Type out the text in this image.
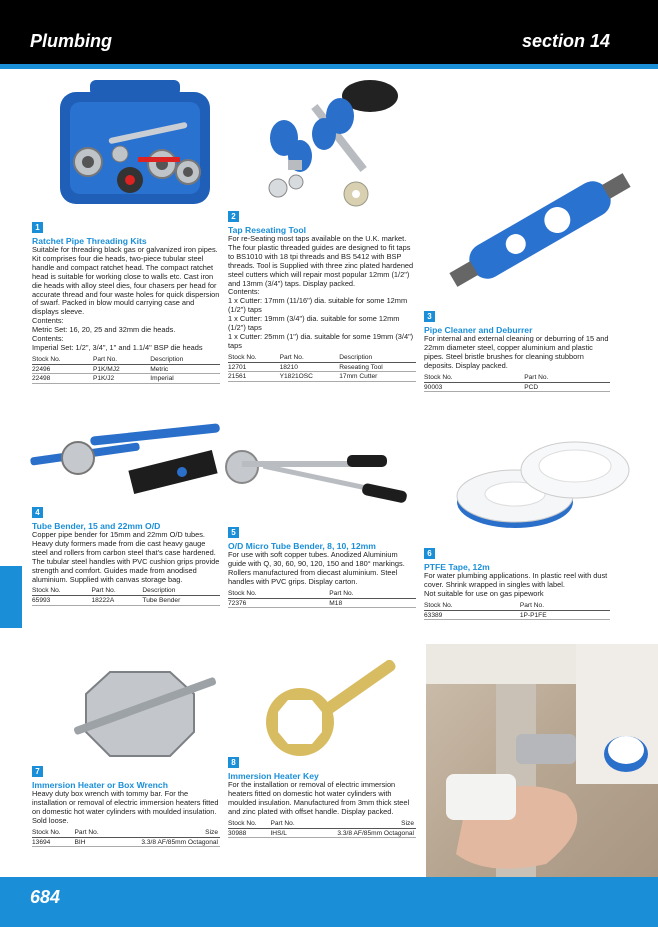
Plumbing	section 14
1
Ratchet Pipe Threading Kits
Suitable for threading black gas or galvanized iron pipes. Kit comprises four die heads, two-piece tubular steel handle and compact ratchet head. The compact ratchet head is suitable for working close to walls etc. Cast iron die heads with alloy steel dies, four chasers per head for accurate thread and four waste holes for quick dispersion of swarf. Packed in blow mould carrying case and displays sleeve.
Contents:
Metric Set: 16, 20, 25 and 32mm die heads.
Contents:
Imperial Set: 1/2", 3/4", 1" and 1.1/4" BSP die heads
Stock No.	Part No.	Description
22496	P1K/MJ2	Metric
22498	P1K/J2	Imperial
2
Tap Reseating Tool
For re-Seating most taps available on the U.K. market. The four plastic threaded guides are designed to fit taps to BS1010 with 18 tpi threads and BS 5412 with BSP threads. Tool is Supplied with three zinc plated hardened steel cutters which will repair most popular 12mm (1/2") and 13mm (3/4") taps. Display packed.
Contents:
1 x Cutter: 17mm (11/16") dia. suitable for some 12mm (1/2") taps
1 x Cutter: 19mm (3/4") dia. suitable for some 12mm (1/2") taps
1 x Cutter: 25mm (1") dia. suitable for some 19mm (3/4") taps
Stock No.	Part No.	Description
12701	18210	Reseating Tool
21561	Y1821OSC	17mm Cutter
3
Pipe Cleaner and Deburrer
For internal and external cleaning or deburring of 15 and 22mm diameter steel, copper aluminium and plastic pipes. Steel bristle brushes for cleaning stubborn deposits. Display packed.
Stock No.	Part No.
90003	PCD
4
Tube Bender, 15 and 22mm O/D
Copper pipe bender for 15mm and 22mm O/D tubes. Heavy duty formers made from die cast heavy gauge steel and rollers from carbon steel that's case hardened. The tubular steel handles with PVC cushion grips provide strength and comfort. Guides made from anodised aluminium. Supplied with canvas storage bag.
Stock No.	Part No.	Description
65993	18222A	Tube Bender
5
O/D Micro Tube Bender, 8, 10, 12mm
For use with soft copper tubes. Anodized Aluminium guide with Q, 30, 60, 90, 120, 150 and 180° markings. Rollers manufactured from diecast aluminium. Steel handles with PVC grips. Display carton.
Stock No.	Part No.
72376	M18
6
PTFE Tape, 12m
For water plumbing applications. In plastic reel with dust cover. Shrink wrapped in singles with label.
Not suitable for use on gas pipework
Stock No.	Part No.
63389	1P-P1FE
7
Immersion Heater or Box Wrench
Heavy duty box wrench with tommy bar. For the installation or removal of electric immersion heaters fitted on domestic hot water cylinders with moulded insulation. Sold loose.
Stock No.	Part No.	Size
13694	BIH	3.3/8 AF/85mm Octagonal
8
Immersion Heater Key
For the installation or removal of electric immersion heaters fitted on domestic hot water cylinders with moulded insulation. Manufactured from 3mm thick steel and zinc plated with offset handle. Display packed.
Stock No.	Part No.	Size
30988	IHS/L	3.3/8 AF/85mm Octagonal
684
